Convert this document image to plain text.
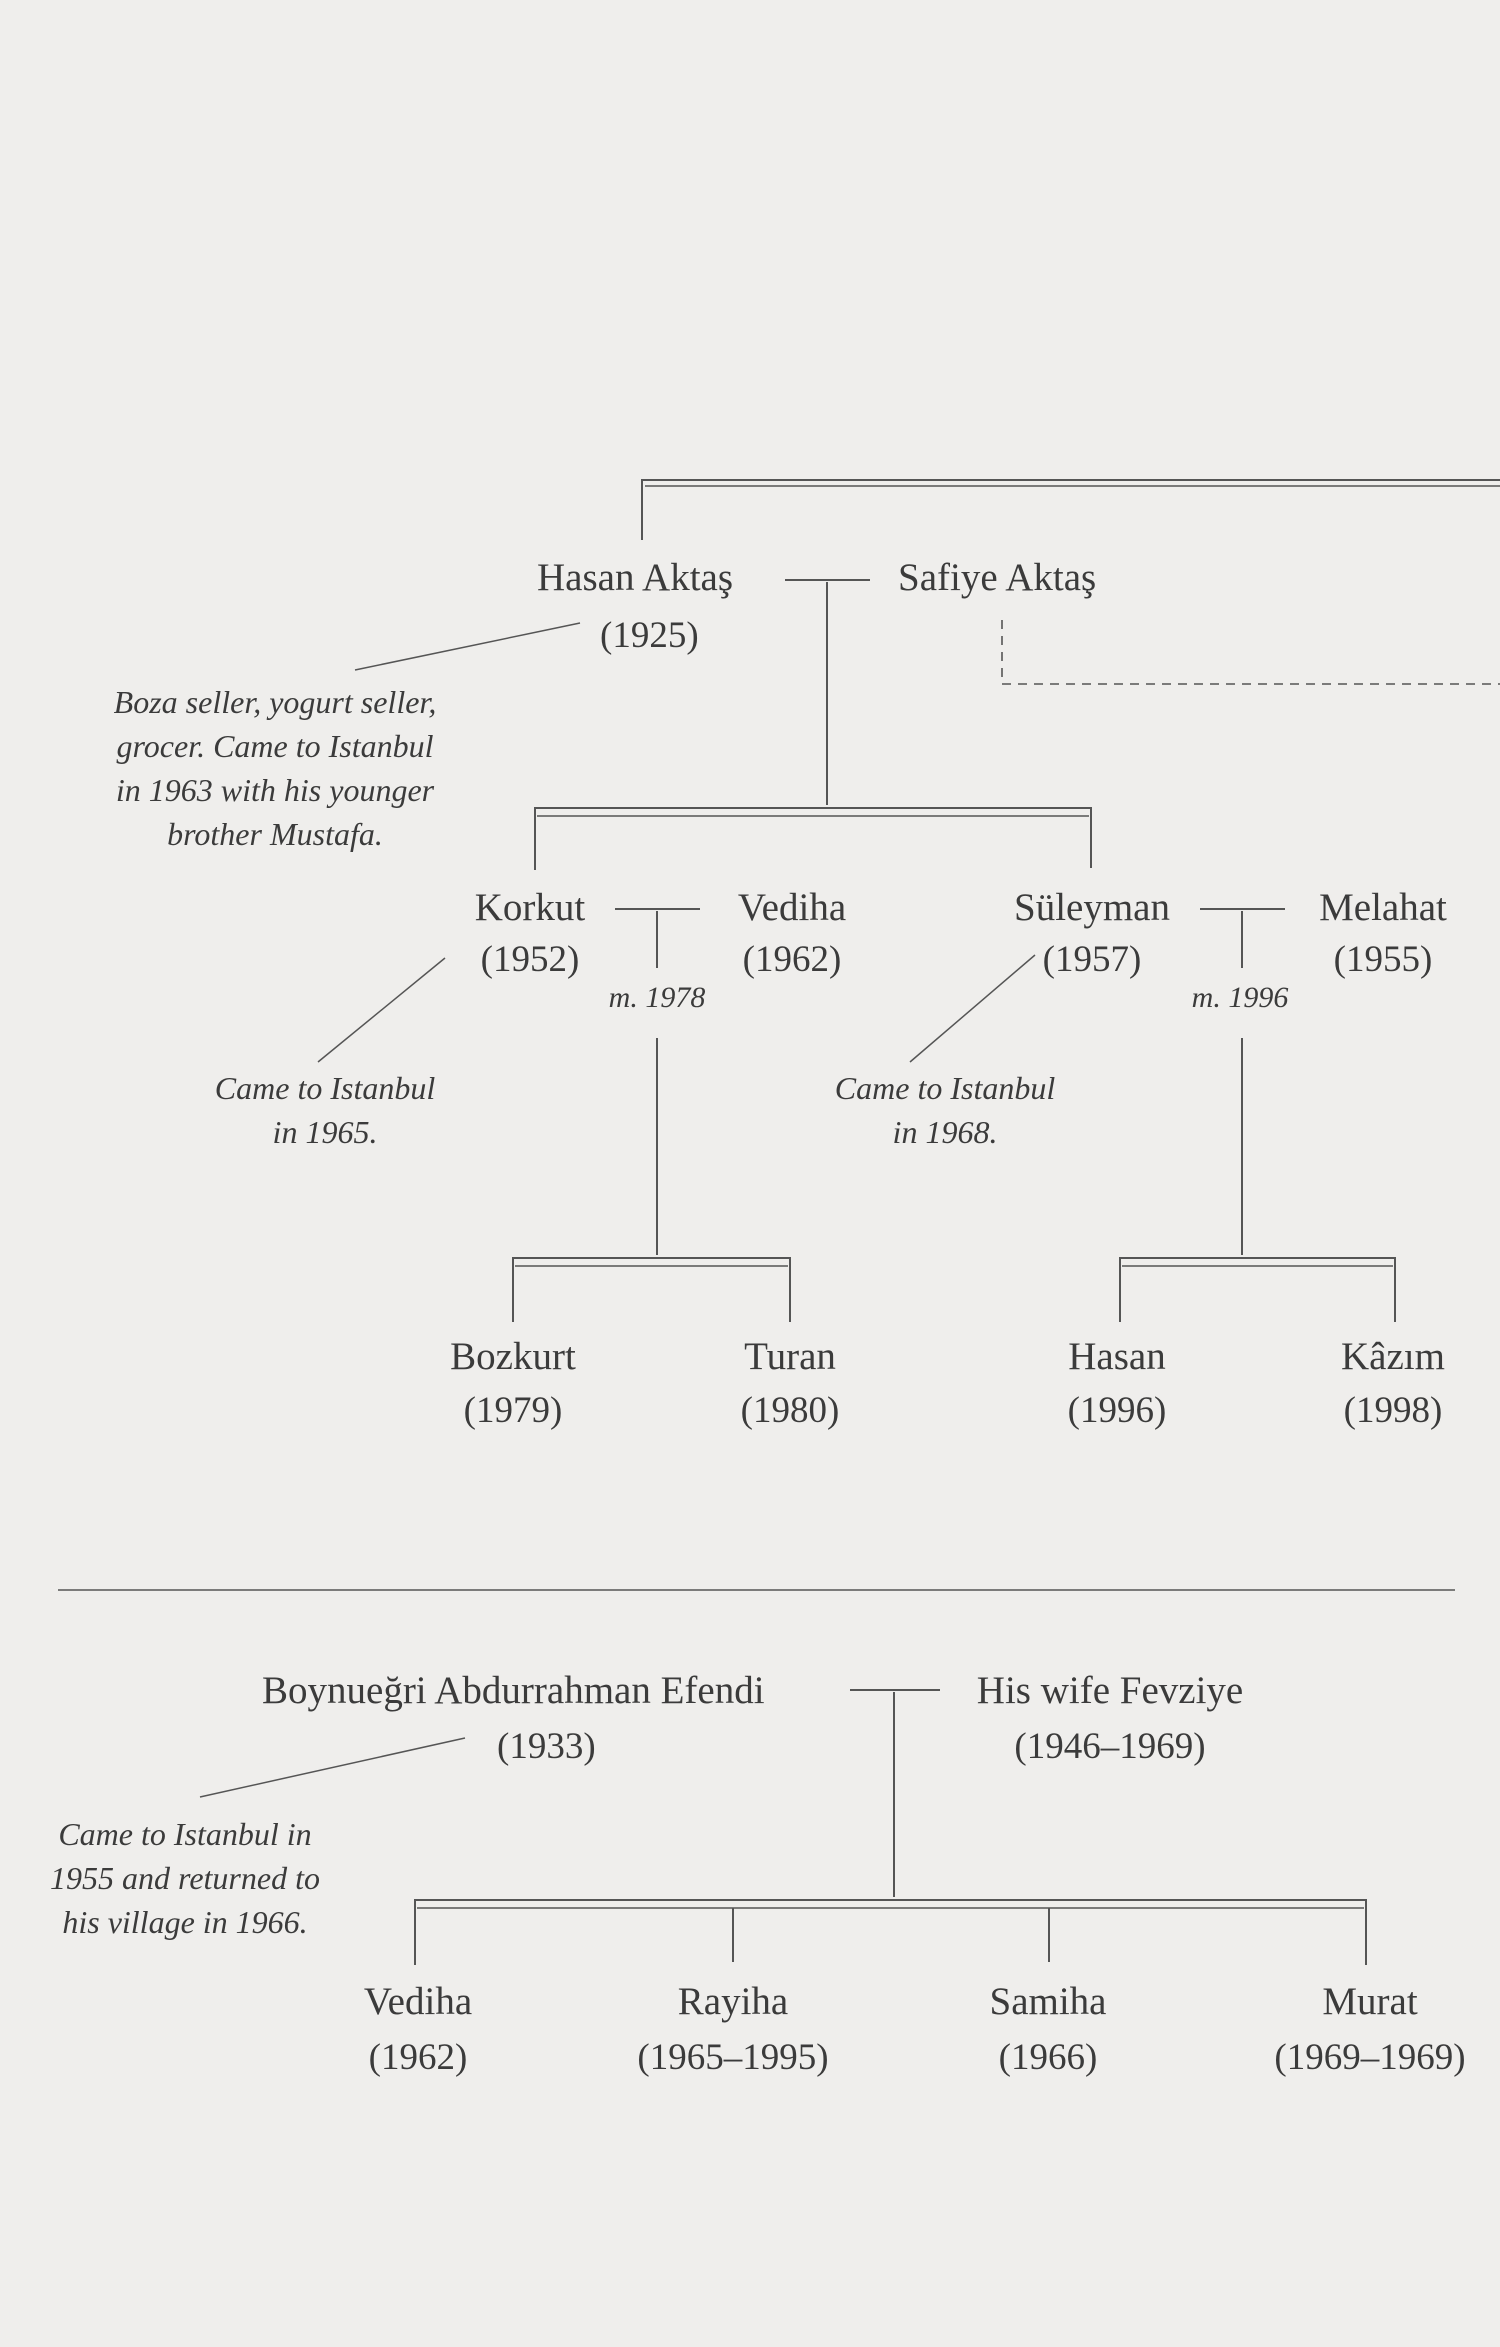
Hasan Aktaş
(1925)
Safiye Aktaş
Boza seller, yogurt seller,
grocer. Came to Istanbul
in 1963 with his younger
brother Mustafa.
Korkut
(1952)
Vediha
(1962)
m. 1978
Came to Istanbul
in 1965.
Bozkurt
(1979)
Turan
(1980)
Süleyman
(1957)
Melahat
(1955)
m. 1996
Came to Istanbul
in 1968.
Hasan
(1996)
Kâzım
(1998)
Boynueğri Abdurrahman Efendi
(1933)
His wife Fevziye
(1946–1969)
Came to Istanbul in
1955 and returned to
his village in 1966.
Vediha
(1962)
Rayiha
(1965–1995)
Samiha
(1966)
Murat
(1969–1969)
